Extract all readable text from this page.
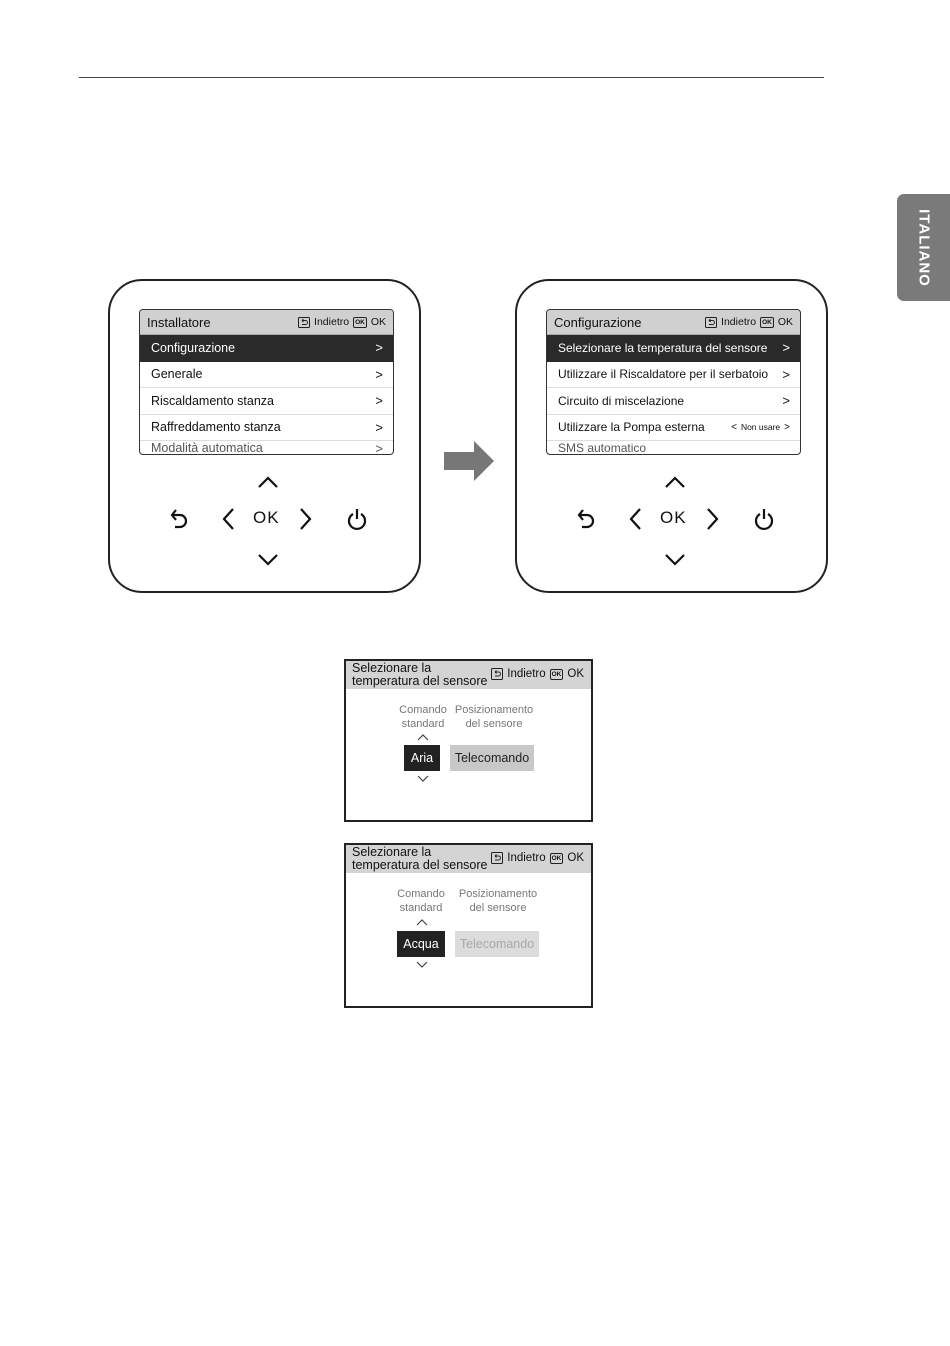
ITALIANO
Installatore	Indietro OK OK
Configurazione	>
Generale	>
Riscaldamento stanza	>
Raffreddamento stanza	>
Modalità automatica	>
OK
Configurazione	Indietro OK OK
Selezionare la temperatura del sensore >
Utilizzare il Riscaldatore per il serbatoio >
Circuito di miscelazione	>
Utilizzare la Pompa esterna	< Non usare >
SMS automatico
OK
Selezionare la temperatura del sensore	Indietro OK OK
Comando standard
Posizionamento del sensore
Aria	Telecomando
Selezionare la temperatura del sensore	Indietro OK OK
Comando standard
Posizionamento del sensore
Acqua	Telecomando
